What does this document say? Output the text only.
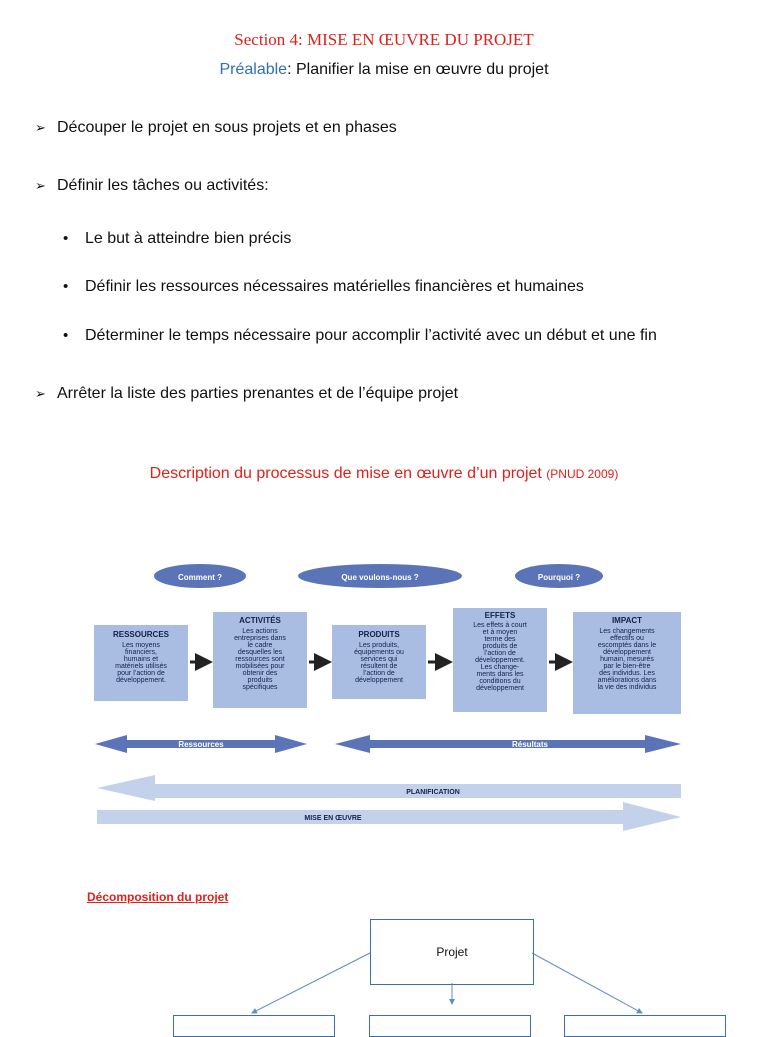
Section 4: MISE EN ŒUVRE DU PROJET
Préalable: Planifier la mise en œuvre du projet
➢ Découper le projet en sous projets et en phases
➢ Définir les tâches ou activités:
• Le but à atteindre bien précis
• Définir les ressources nécessaires matérielles financières et humaines
• Déterminer le temps nécessaire pour accomplir l’activité avec un début et une fin
➢ Arrêter la liste des parties prenantes et de l’équipe projet
Description du processus de mise en œuvre d’un projet (PNUD 2009)
Comment ?	Que voulons-nous ?	Pourquoi ?
RESSOURCES
Les moyens
financiers,
humains et
matériels utilisés
pour l’action de
développement.
ACTIVITÉS
Les actions
entreprises dans
le cadre
desquelles les
ressources sont
mobilisées pour
obtenir des
produits
spécifiques
PRODUITS
Les produits,
équipements ou
services qui
résultent de
l’action de
développement
EFFETS
Les effets à court
et à moyen
terme des
produits de
l’action de
développement.
Les change-
ments dans les
conditions du
développement
IMPACT
Les changements
effectifs ou
escomptés dans le
développement
humain, mesurés
par le bien-être
des individus. Les
améliorations dans
la vie des individus
Ressources	Résultats
PLANIFICATION
MISE EN ŒUVRE
Décomposition du projet
Projet
